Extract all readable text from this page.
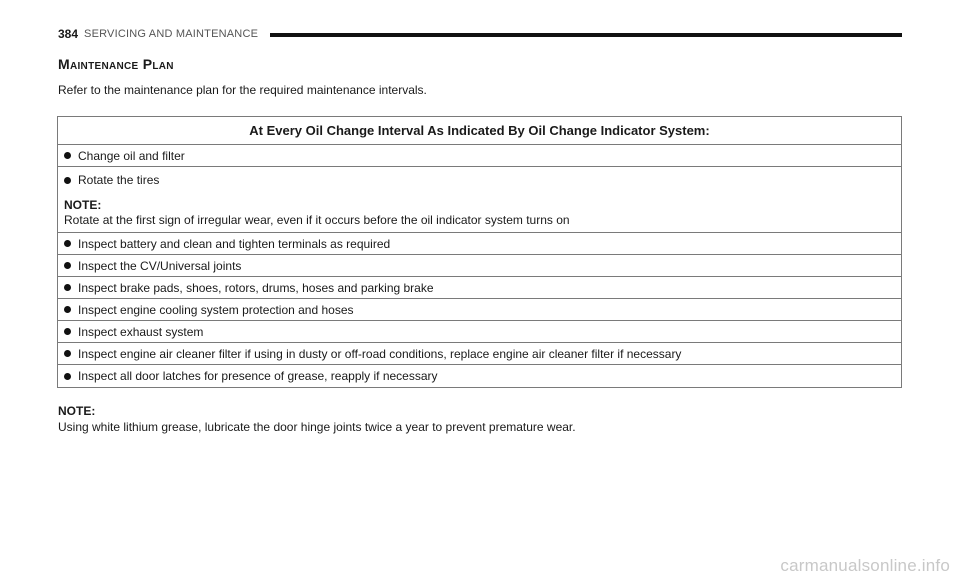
384 SERVICING AND MAINTENANCE
Maintenance Plan

Refer to the maintenance plan for the required maintenance intervals.

At Every Oil Change Interval As Indicated By Oil Change Indicator System:
Change oil and filter
Rotate the tires
NOTE:
Rotate at the first sign of irregular wear, even if it occurs before the oil indicator system turns on
Inspect battery and clean and tighten terminals as required
Inspect the CV/Universal joints
Inspect brake pads, shoes, rotors, drums, hoses and parking brake
Inspect engine cooling system protection and hoses
Inspect exhaust system
Inspect engine air cleaner filter if using in dusty or off-road conditions, replace engine air cleaner filter if necessary
Inspect all door latches for presence of grease, reapply if necessary

NOTE:

Using white lithium grease, lubricate the door hinge joints twice a year to prevent premature wear.

carmanualsonline.info
